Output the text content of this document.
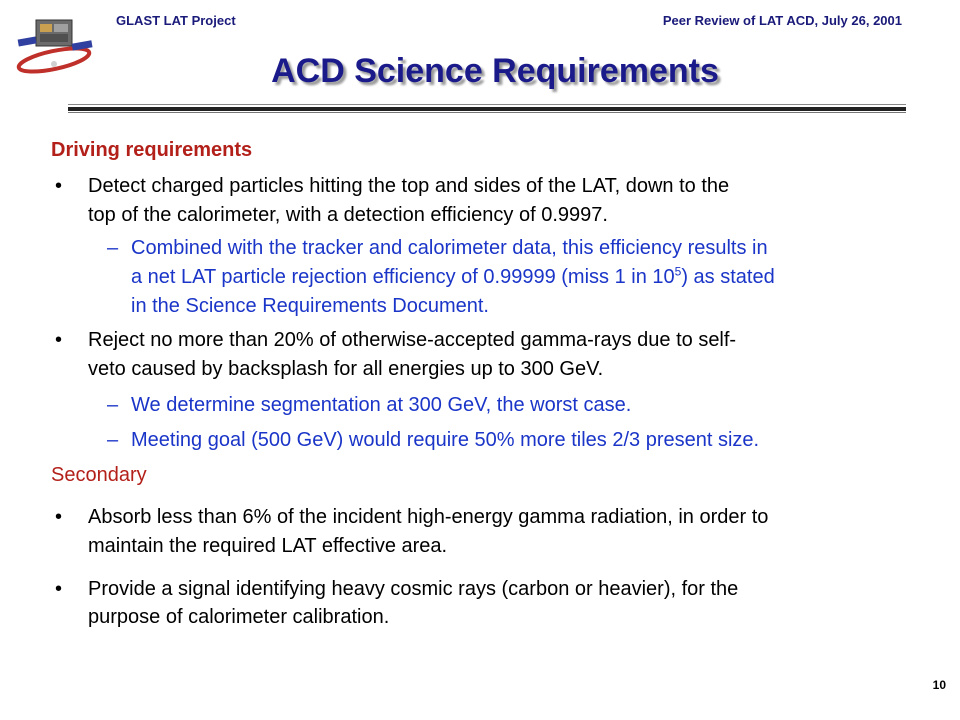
GLAST LAT Project	Peer Review of LAT ACD, July 26, 2001
ACD Science Requirements
Driving requirements
• Detect charged particles hitting the top and sides of the LAT, down to the
top of the calorimeter, with a detection efficiency of 0.9997.
– Combined with the tracker and calorimeter data, this efficiency results in
a net LAT particle rejection efficiency of 0.99999 (miss 1 in $10^5$) as stated
in the Science Requirements Document.
• Reject no more than 20% of otherwise-accepted gamma-rays due to self-
veto caused by backsplash for all energies up to 300 GeV.
– We determine segmentation at 300 GeV, the worst case.
– Meeting goal (500 GeV) would require 50% more tiles 2/3 present size.
Secondary
• Absorb less than 6% of the incident high-energy gamma radiation, in order to
maintain the required LAT effective area.
• Provide a signal identifying heavy cosmic rays (carbon or heavier), for the
purpose of calorimeter calibration.
10
